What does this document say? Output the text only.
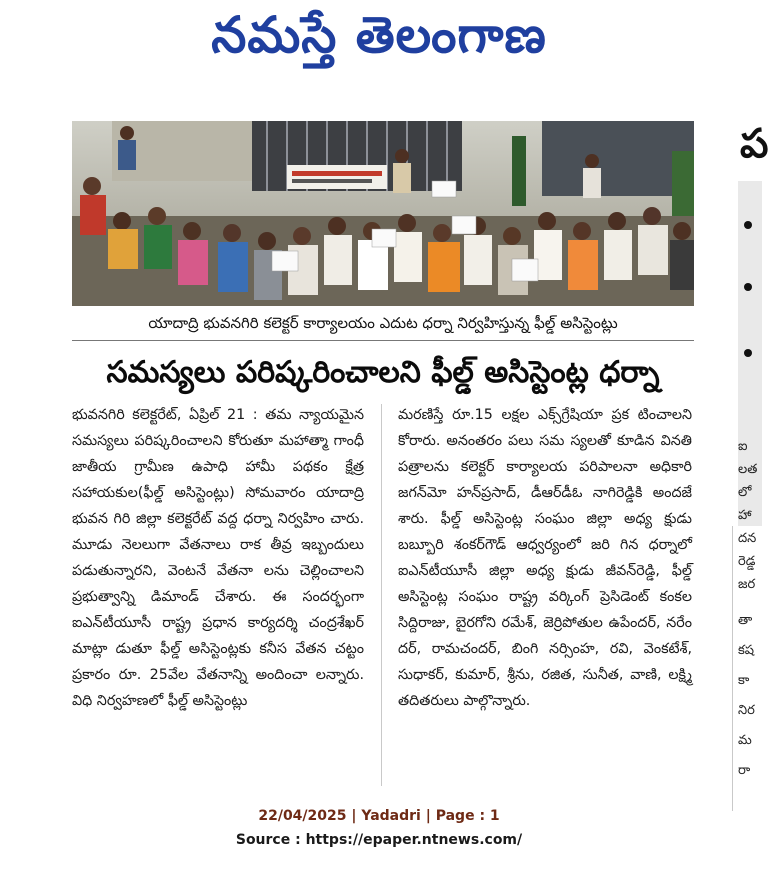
నమస్తే తెలంగాణ
యాదాద్రి భువనగిరి కలెక్టర్ కార్యాలయం ఎదుట ధర్నా నిర్వహిస్తున్న ఫీల్డ్ అసిస్టెంట్లు
సమస్యలు పరిష్కరించాలని ఫీల్డ్ అసిస్టెంట్ల ధర్నా

భువనగిరి కలెక్టరేట్, ఏప్రిల్ 21 : తమ న్యాయమైన సమస్యలు పరిష్కరించాలని కోరుతూ మహాత్మా గాంధీ జాతీయ గ్రామీణ ఉపాధి హామీ పథకం క్షేత్ర సహాయకుల(ఫీల్డ్ అసిస్టెంట్లు) సోమవారం యాదాద్రి భువన గిరి జిల్లా కలెక్టరేట్ వద్ద ధర్నా నిర్వహిం చారు. మూడు నెలలుగా వేతనాలు రాక తీవ్ర ఇబ్బందులు పడుతున్నారని, వెంటనే వేతనా లను చెల్లించాలని ప్రభుత్వాన్ని డిమాండ్ చేశారు. ఈ సందర్భంగా ఐఎన్‌టీయూసీ రాష్ట్ర ప్రధాన కార్యదర్శి చంద్రశేఖర్ మాట్లా డుతూ ఫీల్డ్ అసిస్టెంట్లకు కనీస వేతన చట్టం ప్రకారం రూ. 25వేల వేతనాన్ని అందించా లన్నారు. విధి నిర్వహణలో ఫీల్డ్ అసిస్టెంట్లు

మరణిస్తే రూ.15 లక్షల ఎక్స్‌గ్రేషియా ప్రక టించాలని కోరారు. అనంతరం పలు సమ స్యలతో కూడిన వినతి పత్రాలను కలెక్టర్ కార్యాలయ పరిపాలనా అధికారి జగన్‌మో హన్‌ప్రసాద్, డీఆర్‌డీఓ నాగిరెడ్డికి అందజే శారు. ఫీల్డ్ అసిస్టెంట్ల సంఘం జిల్లా అధ్య క్షుడు బబ్బూరి శంకర్‌గౌడ్ ఆధ్వర్యంలో జరి గిన ధర్నాలో ఐఎన్‌టీయూసీ జిల్లా అధ్య క్షుడు జీవన్‌రెడ్డి, ఫీల్డ్ అసిస్టెంట్ల సంఘం రాష్ట్ర వర్కింగ్ ప్రెసిడెంట్ కంకల సిద్దిరాజు, బైరగోని రమేశ్, జెర్రిపోతుల ఉపేందర్, నరేం దర్, రామచందర్, బింగి నర్సింహ, రవి, వెంకటేశ్, సుధాకర్, కుమార్, శ్రీను, రజిత, సునీత, వాణి, లక్ష్మి తదితరులు పాల్గొన్నారు.

ప
ఐ
లత
లో
హా
దన
రెడ్డ
జర
తా
కష
కా
నిర
మ
రా
22/04/2025 | Yadadri | Page : 1
Source : https://epaper.ntnews.com/
